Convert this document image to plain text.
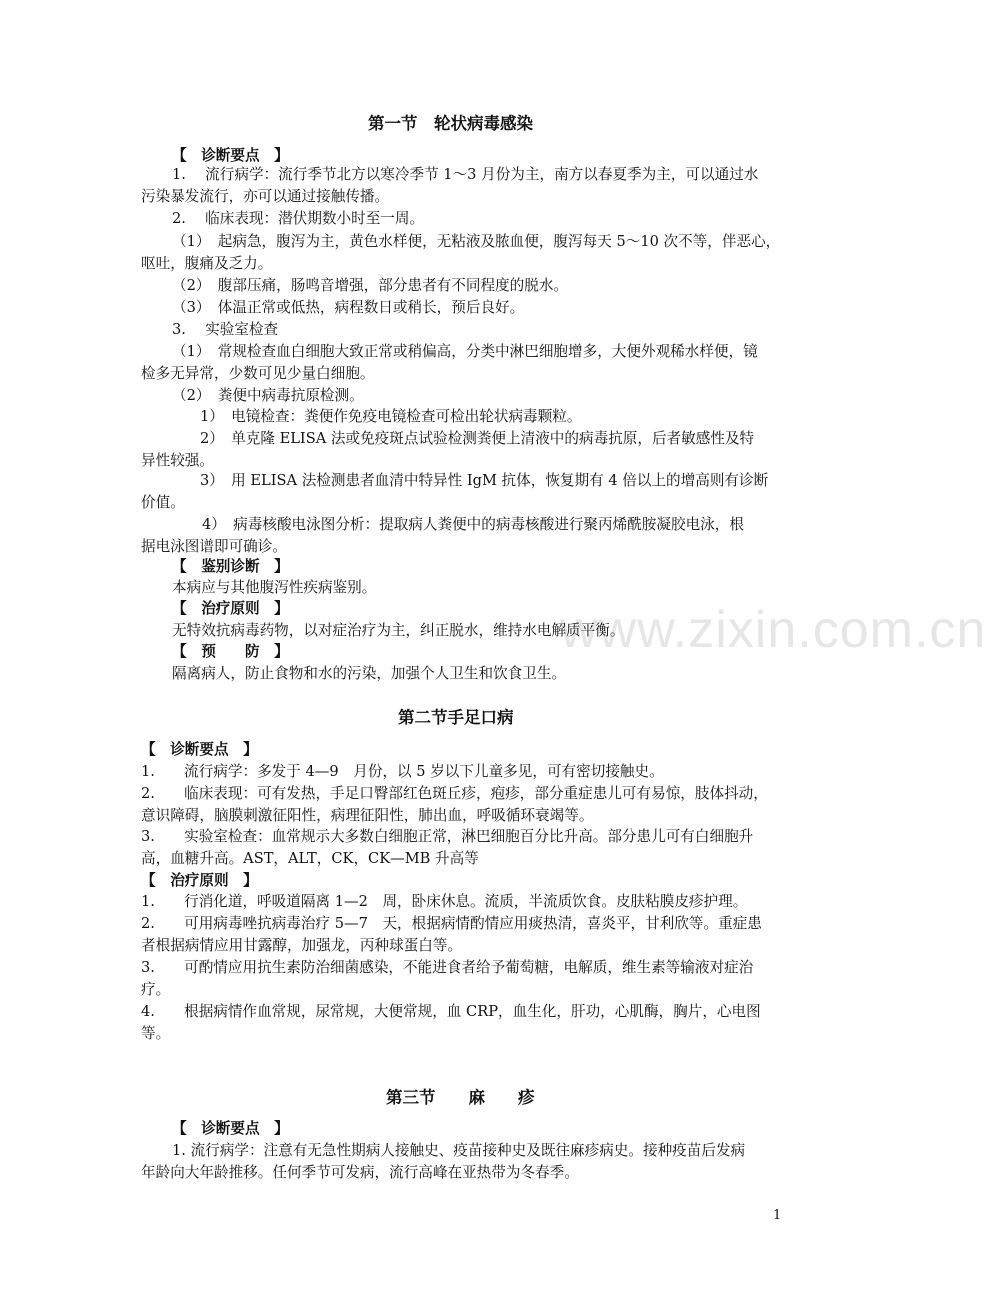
www.zixin.com.cn
第一节　轮状病毒感染
【　诊断要点　】
1.　 流行病学：流行季节北方以寒冷季节 1～3 月份为主，南方以春夏季为主，可以通过水
污染暴发流行，亦可以通过接触传播。
2.　 临床表现：潜伏期数小时至一周。
（1）　起病急，腹泻为主，黄色水样便，无粘液及脓血便，腹泻每天 5～10 次不等，伴恶心，
呕吐，腹痛及乏力。
（2）　腹部压痛，肠鸣音增强，部分患者有不同程度的脱水。
（3）　体温正常或低热，病程数日或稍长，预后良好。
3.　 实验室检查
（1）　常规检查血白细胞大致正常或稍偏高，分类中淋巴细胞增多，大便外观稀水样便，镜
检多无异常，少数可见少量白细胞。
（2）　粪便中病毒抗原检测。
1）　电镜检查：粪便作免疫电镜检查可检出轮状病毒颗粒。
2）　单克隆 ELISA 法或免疫斑点试验检测粪便上清液中的病毒抗原，后者敏感性及特
异性较强。
3）　用 ELISA 法检测患者血清中特异性 IgM 抗体，恢复期有 4 倍以上的增高则有诊断
价值。
4）　病毒核酸电泳图分析：提取病人粪便中的病毒核酸进行聚丙烯酰胺凝胶电泳，根
据电泳图谱即可确诊。
【　鉴别诊断　】
本病应与其他腹泻性疾病鉴别。
【　治疗原则　】
无特效抗病毒药物，以对症治疗为主，纠正脱水，维持水电解质平衡。
【　预　　防　】
隔离病人，防止食物和水的污染，加强个人卫生和饮食卫生。
第二节手足口病
【　诊断要点　】
1.　　流行病学：多发于 4—9　月份，以 5 岁以下儿童多见，可有密切接触史。
2.　　临床表现：可有发热，手足口臀部红色斑丘疹，疱疹，部分重症患儿可有易惊，肢体抖动，
意识障碍，脑膜刺激征阳性，病理征阳性，肺出血，呼吸循环衰竭等。
3.　　实验室检查：血常规示大多数白细胞正常，淋巴细胞百分比升高。部分患儿可有白细胞升
高，血糖升高。AST，ALT，CK，CK—MB 升高等
【　治疗原则　】
1.　　行消化道，呼吸道隔离 1—2　周，卧床休息。流质，半流质饮食。皮肤粘膜皮疹护理。
2.　　可用病毒唑抗病毒治疗 5—7　天，根据病情酌情应用痰热清，喜炎平，甘利欣等。重症患
者根据病情应用甘露醇，加强龙，丙种球蛋白等。
3.　　可酌情应用抗生素防治细菌感染，不能进食者给予葡萄糖，电解质，维生素等输液对症治
疗。
4.　　根据病情作血常规，尿常规，大便常规，血 CRP，血生化，肝功，心肌酶，胸片，心电图
等。
第三节　　麻　　疹
【　诊断要点　】
1. 流行病学：注意有无急性期病人接触史、疫苗接种史及既往麻疹病史。接种疫苗后发病
年龄向大年龄推移。任何季节可发病，流行高峰在亚热带为冬春季。
1
